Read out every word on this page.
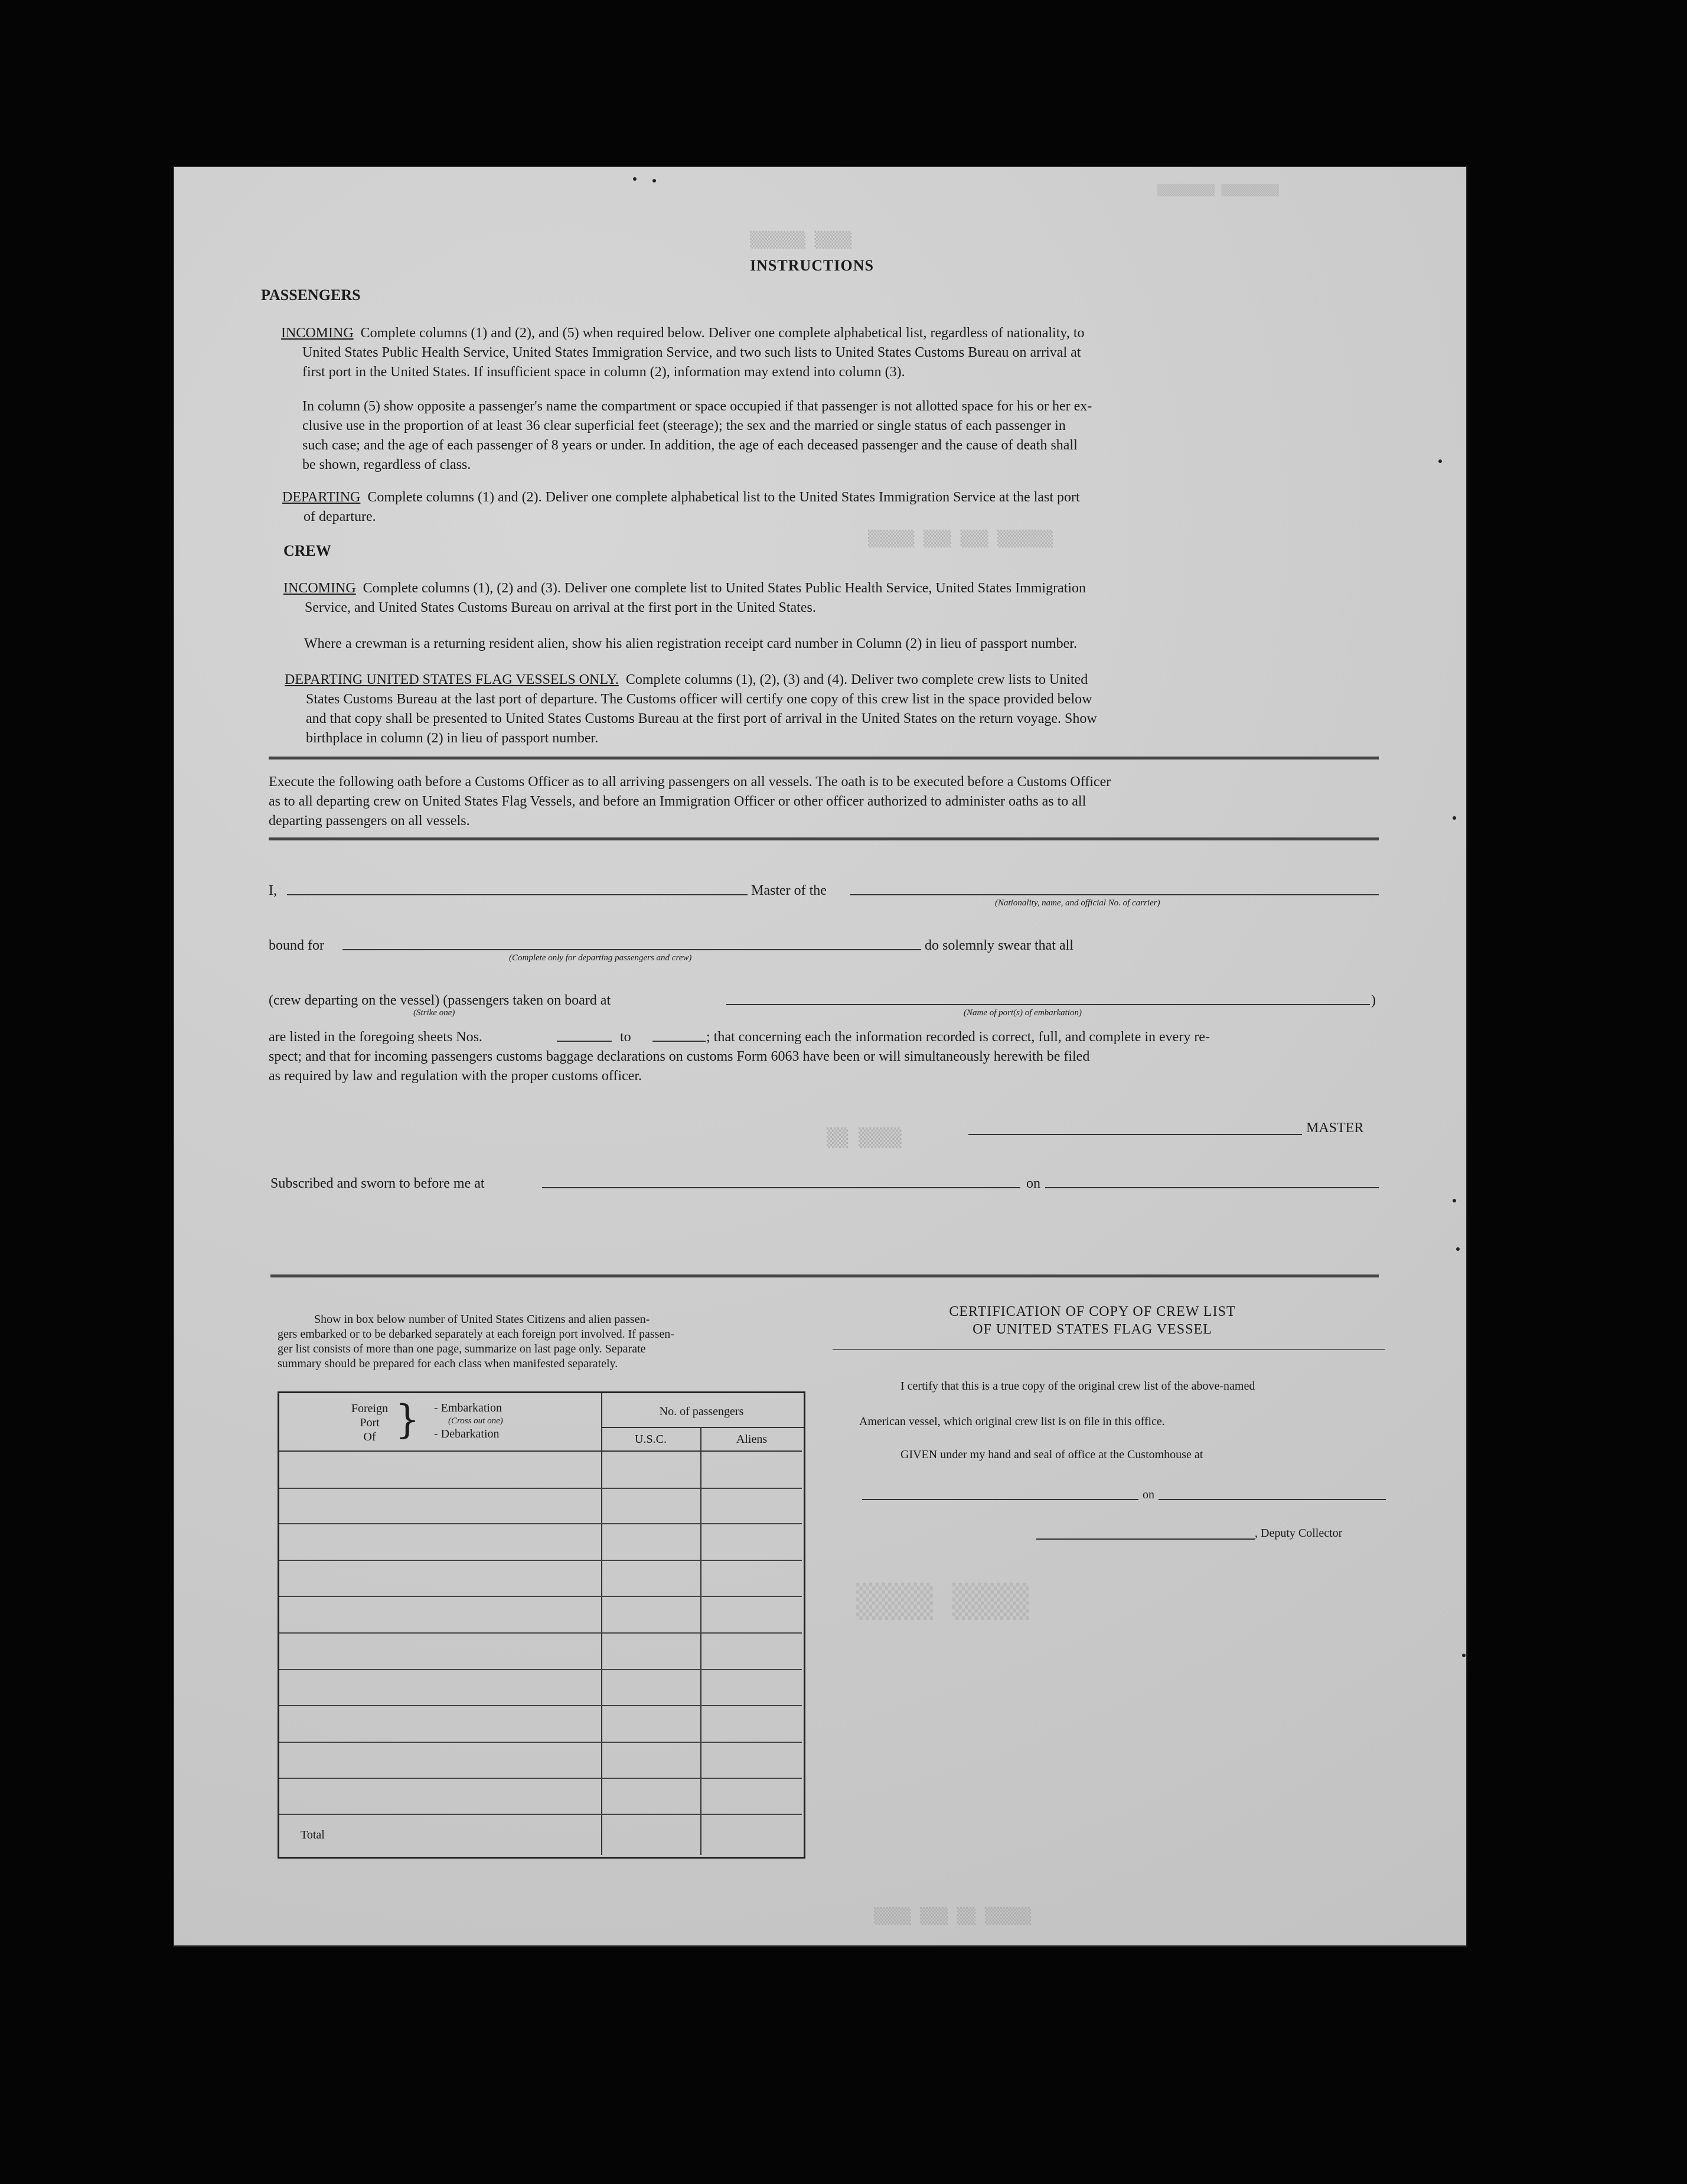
▒▒▒▒▒▒ ▒▒▒▒
▒▒▒▒▒▒▒▒▒ ▒▒▒▒▒▒▒▒▒
▒▒▒▒▒ ▒▒▒ ▒▒▒ ▒▒▒▒▒▒
▒▒ ▒▒▒▒
▒▒▒▒ ▒▒▒ ▒▒ ▒▒▒▒▒
▒▒▒▒ ▒▒▒▒
INSTRUCTIONS
PASSENGERS
INCOMING Complete columns (1) and (2), and (5) when required below. Deliver one complete alphabetical list, regardless of nationality, to
United States Public Health Service, United States Immigration Service, and two such lists to United States Customs Bureau on arrival at
first port in the United States. If insufficient space in column (2), information may extend into column (3).
In column (5) show opposite a passenger's name the compartment or space occupied if that passenger is not allotted space for his or her ex-
clusive use in the proportion of at least 36 clear superficial feet (steerage); the sex and the married or single status of each passenger in
such case; and the age of each passenger of 8 years or under. In addition, the age of each deceased passenger and the cause of death shall
be shown, regardless of class.
DEPARTING Complete columns (1) and (2). Deliver one complete alphabetical list to the United States Immigration Service at the last port
of departure.
CREW
INCOMING Complete columns (1), (2) and (3). Deliver one complete list to United States Public Health Service, United States Immigration
Service, and United States Customs Bureau on arrival at the first port in the United States.
Where a crewman is a returning resident alien, show his alien registration receipt card number in Column (2) in lieu of passport number.
DEPARTING UNITED STATES FLAG VESSELS ONLY. Complete columns (1), (2), (3) and (4). Deliver two complete crew lists to United
States Customs Bureau at the last port of departure. The Customs officer will certify one copy of this crew list in the space provided below
and that copy shall be presented to United States Customs Bureau at the first port of arrival in the United States on the return voyage. Show
birthplace in column (2) in lieu of passport number.
Execute the following oath before a Customs Officer as to all arriving passengers on all vessels. The oath is to be executed before a Customs Officer
as to all departing crew on United States Flag Vessels, and before an Immigration Officer or other officer authorized to administer oaths as to all
departing passengers on all vessels.
I,	Master of the
(Nationality, name, and official No. of carrier)
bound for
(Complete only for departing passengers and crew)
do solemnly swear that all
(crew departing on the vessel) (passengers taken on board at	)
(Strike one)	(Name of port(s) of embarkation)
are listed in the foregoing sheets Nos.	to	; that concerning each the information recorded is correct, full, and complete in every re-
spect; and that for incoming passengers customs baggage declarations on customs Form 6063 have been or will simultaneously herewith be filed
as required by law and regulation with the proper customs officer.
MASTER
Subscribed and sworn to before me at	on
Show in box below number of United States Citizens and alien passen-
gers embarked or to be debarked separately at each foreign port involved. If passen-
ger list consists of more than one page, summarize on last page only. Separate
summary should be prepared for each class when manifested separately.
Foreign
Port
Of } - Embarkation
(Cross out one)
- Debarkation
No. of passengers
U.S.C.	Aliens
Total
CERTIFICATION OF COPY OF CREW LIST
OF UNITED STATES FLAG VESSEL
I certify that this is a true copy of the original crew list of the above-named
American vessel, which original crew list is on file in this office.
GIVEN under my hand and seal of office at the Customhouse at
on
, Deputy Collector
